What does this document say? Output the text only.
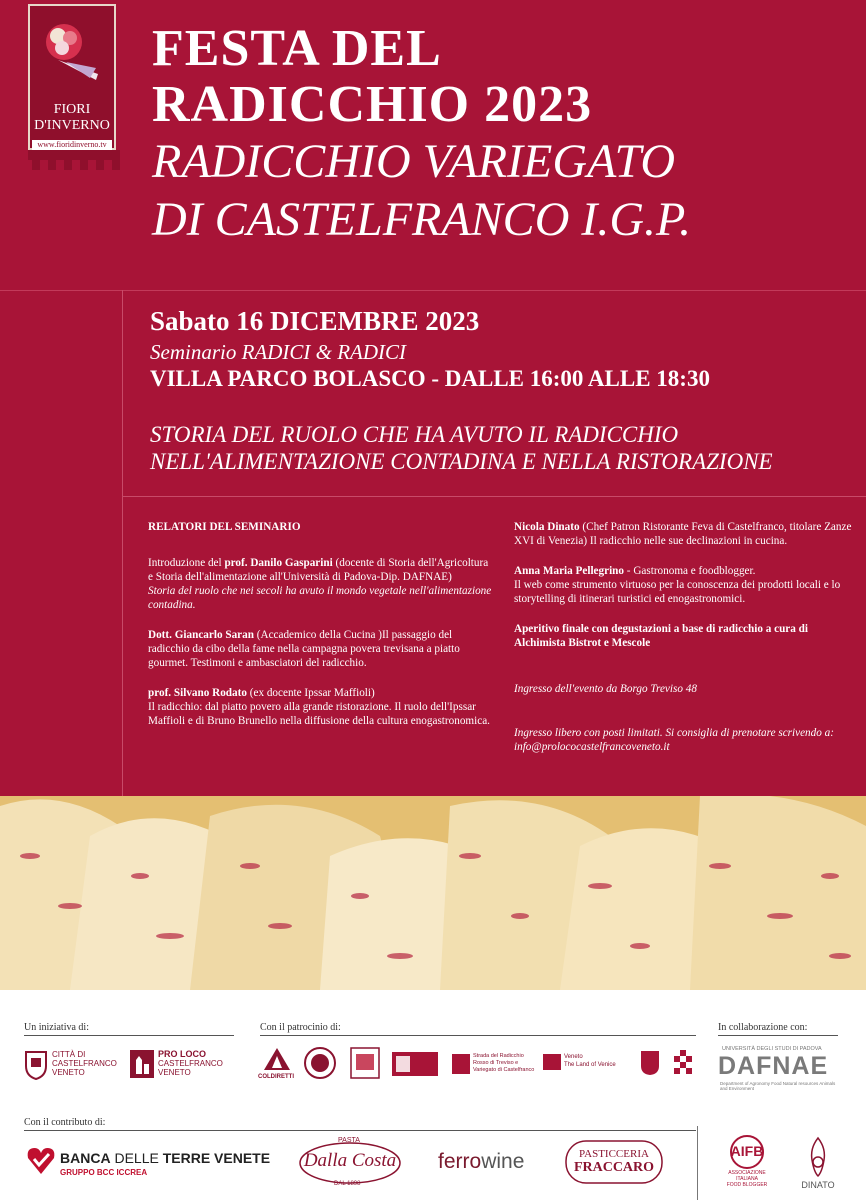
FIORI
D'INVERNO
www.fioridinverno.tv
FESTA DEL
RADICCHIO 2023
RADICCHIO VARIEGATO
DI CASTELFRANCO I.G.P.
Sabato 16 DICEMBRE 2023
Seminario RADICI & RADICI
VILLA PARCO BOLASCO - DALLE 16:00 ALLE 18:30
STORIA DEL RUOLO CHE HA AVUTO IL RADICCHIO
NELL'ALIMENTAZIONE CONTADINA E NELLA RISTORAZIONE

RELATORI DEL SEMINARIO

Introduzione del prof. Danilo Gasparini (docente di Storia dell'Agricoltura e Storia dell'alimentazione all'Università di Padova-Dip. DAFNAE)
Storia del ruolo che nei secoli ha avuto il mondo vegetale nell'alimentazione contadina.

Dott. Giancarlo Saran (Accademico della Cucina )Il passaggio del radicchio da cibo della fame nella campagna povera trevisana a piatto gourmet. Testimoni e ambasciatori del radicchio.

prof. Silvano Rodato (ex docente Ipssar Maffioli)
Il radicchio: dal piatto povero alla grande ristorazione. Il ruolo dell'Ipssar Maffioli e di Bruno Brunello nella diffusione della cultura enogastronomica.

Nicola Dinato (Chef Patron Ristorante Feva di Castelfranco, titolare Zanze XVI di Venezia) Il radicchio nelle sue declinazioni in cucina.

Anna Maria Pellegrino - Gastronoma e foodblogger.
Il web come strumento virtuoso per la conoscenza dei prodotti locali e lo storytelling di itinerari turistici ed enogastronomici.

Aperitivo finale con degustazioni a base di radicchio a cura di Alchimista Bistrot e Mescole

Ingresso dell'evento da Borgo Treviso 48

Ingresso libero con posti limitati. Si consiglia di prenotare scrivendo a: info@prolococastelfrancoveneto.it

Un iniziativa di:	Con il patrocinio di:	In collaborazione con:
CITTÀ DI
CASTELFRANCO
VENETO
PRO LOCO
CASTELFRANCO
VENETO	COLDIRETTI
Strada del Radicchio
Rosso di Treviso e
Variegato di Castelfranco
Veneto
The Land of Venice
UNIVERSITÀ DEGLI STUDI DI PADOVA
DAFNAE
Department of Agronomy Food Natural resources Animals and Environment
Con il contributo di:
BANCA DELLE TERRE VENETE
GRUPPO BCC ICCREA
PASTA
Dalla Costa
DAL 1898
ferrowine	PASTICCERIA
FRACCARO
AIFB
ASSOCIAZIONE
ITALIANA
FOOD BLOGGER	DINATO
